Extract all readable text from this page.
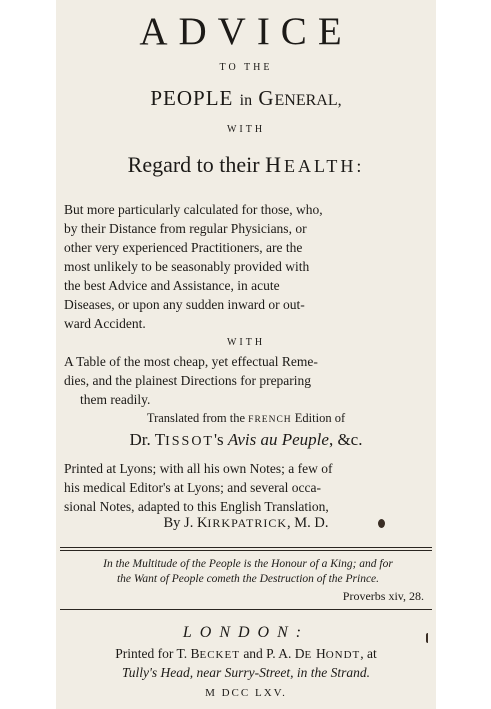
ADVICE
TO THE
PEOPLE in GENERAL,
WITH
Regard to their HEALTH:
But more particularly calculated for those, who,
by their Distance from regular Physicians, or
other very experienced Practitioners, are the
most unlikely to be seasonably provided with
the best Advice and Assistance, in acute
Diseases, or upon any sudden inward or out-
ward Accident.
WITH
A Table of the most cheap, yet effectual Reme-
dies, and the plainest Directions for preparing
them readily.
Translated from the FRENCH Edition of
Dr. TISSOT's Avis au Peuple, &c.
Printed at Lyons; with all his own Notes; a few of
his medical Editor's at Lyons; and several occa-
sional Notes, adapted to this English Translation,
By J. KIRKPATRICK, M. D.
In the Multitude of the People is the Honour of a King; and for
the Want of People cometh the Destruction of the Prince.
Proverbs xiv, 28.
LONDON:
Printed for T. BECKET and P. A. DE HONDT, at
Tully's Head, near Surry-Street, in the Strand.
M DCC LXV.
